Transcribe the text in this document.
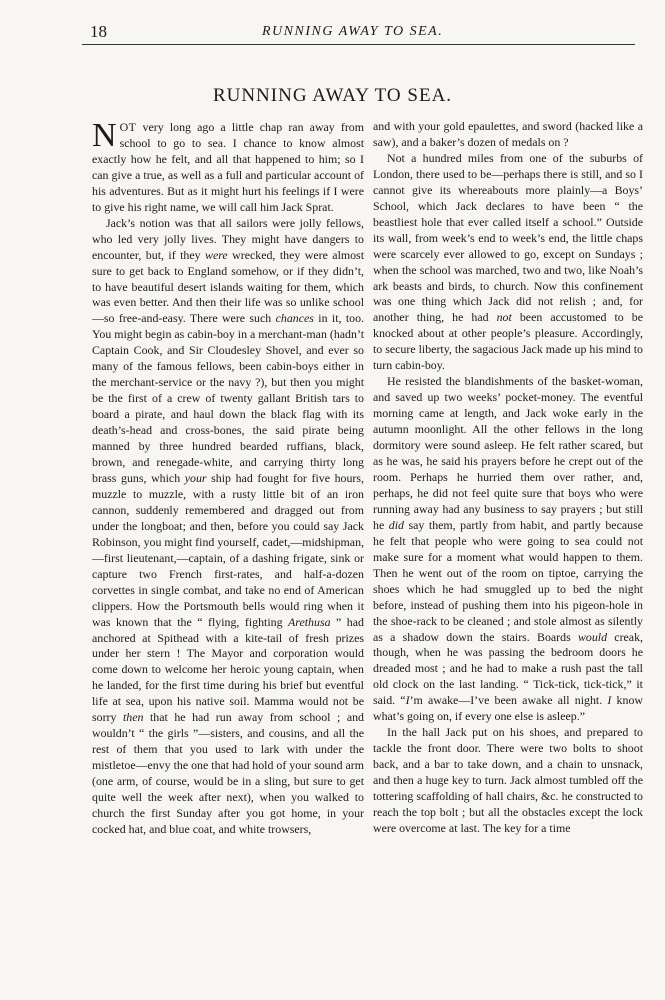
18	RUNNING AWAY TO SEA.
RUNNING AWAY TO SEA.

NOT very long ago a little chap ran away from school to go to sea. I chance to know almost exactly how he felt, and all that happened to him; so I can give a true, as well as a full and particular account of his adventures. But as it might hurt his feelings if I were to give his right name, we will call him Jack Sprat.

Jack’s notion was that all sailors were jolly fellows, who led very jolly lives. They might have dangers to encounter, but, if they were wrecked, they were almost sure to get back to England somehow, or if they didn’t, to have beautiful desert islands waiting for them, which was even better. And then their life was so unlike school—so free-and-easy. There were such chances in it, too. You might begin as cabin-boy in a merchant-man (hadn’t Captain Cook, and Sir Cloudesley Shovel, and ever so many of the famous fellows, been cabin-boys either in the merchant-service or the navy ?), but then you might be the first of a crew of twenty gallant British tars to board a pirate, and haul down the black flag with its death’s-head and cross-bones, the said pirate being manned by three hundred bearded ruffians, black, brown, and renegade-white, and carrying thirty long brass guns, which your ship had fought for five hours, muzzle to muzzle, with a rusty little bit of an iron cannon, suddenly remembered and dragged out from under the longboat; and then, before you could say Jack Robinson, you might find yourself, cadet,—midshipman, —first lieutenant,—captain, of a dashing frigate, sink or capture two French first-rates, and half-a-dozen corvettes in single combat, and take no end of American clippers. How the Portsmouth bells would ring when it was known that the “ flying, fighting Arethusa ” had anchored at Spithead with a kite-tail of fresh prizes under her stern ! The Mayor and corporation would come down to welcome her heroic young captain, when he landed, for the first time during his brief but eventful life at sea, upon his native soil. Mamma would not be sorry then that he had run away from school ; and wouldn’t “ the girls ”—sisters, and cousins, and all the rest of them that you used to lark with under the mistletoe—envy the one that had hold of your sound arm (one arm, of course, would be in a sling, but sure to get quite well the week after next), when you walked to church the first Sunday after you got home, in your cocked hat, and blue coat, and white trowsers,

and with your gold epaulettes, and sword (hacked like a saw), and a baker’s dozen of medals on ?

Not a hundred miles from one of the suburbs of London, there used to be—perhaps there is still, and so I cannot give its whereabouts more plainly—a Boys’ School, which Jack declares to have been “ the beastliest hole that ever called itself a school.” Outside its wall, from week’s end to week’s end, the little chaps were scarcely ever allowed to go, except on Sundays ; when the school was marched, two and two, like Noah’s ark beasts and birds, to church. Now this confinement was one thing which Jack did not relish ; and, for another thing, he had not been accustomed to be knocked about at other people’s pleasure. Accordingly, to secure liberty, the sagacious Jack made up his mind to turn cabin-boy.

He resisted the blandishments of the basket-woman, and saved up two weeks’ pocket-money. The eventful morning came at length, and Jack woke early in the autumn moonlight. All the other fellows in the long dormitory were sound asleep. He felt rather scared, but as he was, he said his prayers before he crept out of the room. Perhaps he hurried them over rather, and, perhaps, he did not feel quite sure that boys who were running away had any business to say prayers ; but still he did say them, partly from habit, and partly because he felt that people who were going to sea could not make sure for a moment what would happen to them. Then he went out of the room on tiptoe, carrying the shoes which he had smuggled up to bed the night before, instead of pushing them into his pigeon-hole in the shoe-rack to be cleaned ; and stole almost as silently as a shadow down the stairs. Boards would creak, though, when he was passing the bedroom doors he dreaded most ; and he had to make a rush past the tall old clock on the last landing. “ Tick-tick, tick-tick,” it said. “I’m awake—I’ve been awake all night. I know what’s going on, if every one else is asleep.”

In the hall Jack put on his shoes, and prepared to tackle the front door. There were two bolts to shoot back, and a bar to take down, and a chain to unsnack, and then a huge key to turn. Jack almost tumbled off the tottering scaffolding of hall chairs, &c. he constructed to reach the top bolt ; but all the obstacles except the lock were overcome at last. The key for a time
